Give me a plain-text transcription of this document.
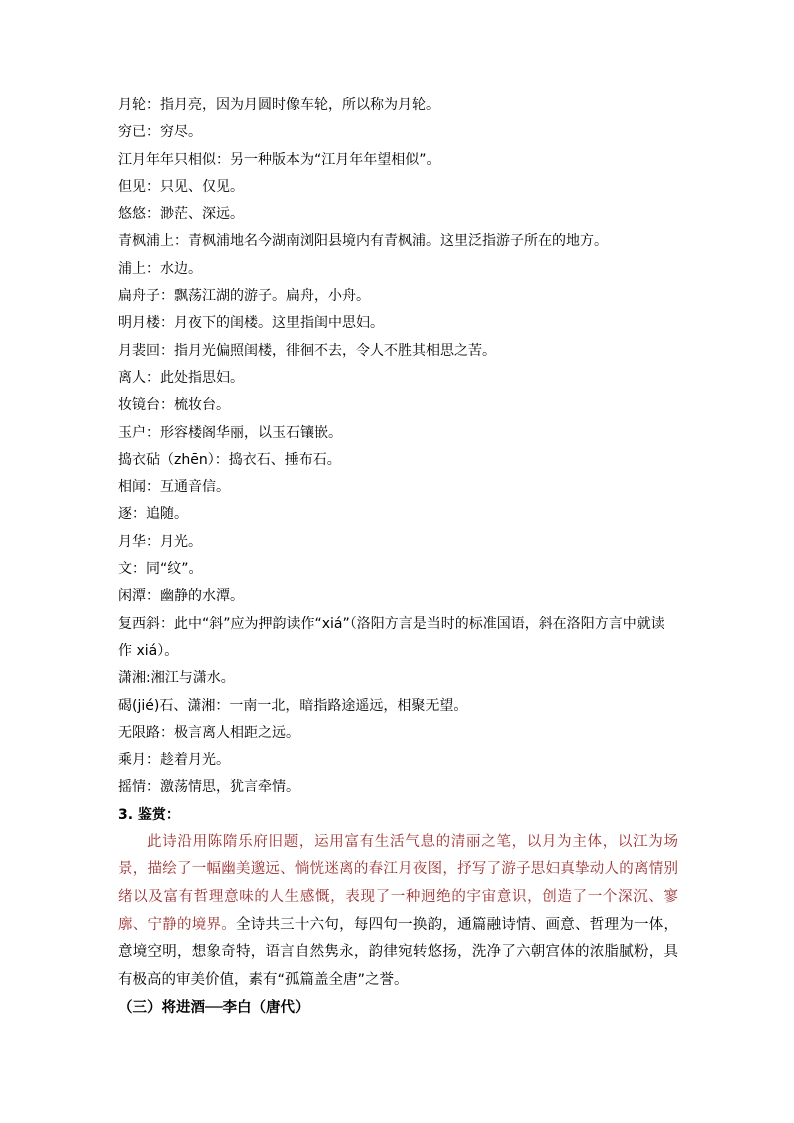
月轮：指月亮，因为月圆时像车轮，所以称为月轮。

穷已：穷尽。

江月年年只相似：另一种版本为“江月年年望相似”。

但见：只见、仅见。

悠悠：渺茫、深远。

青枫浦上：青枫浦地名今湖南浏阳县境内有青枫浦。这里泛指游子所在的地方。

浦上：水边。

扁舟子：飘荡江湖的游子。扁舟，小舟。

明月楼：月夜下的闺楼。这里指闺中思妇。

月裴回：指月光偏照闺楼，徘徊不去，令人不胜其相思之苦。

离人：此处指思妇。

妆镜台：梳妆台。

玉户：形容楼阁华丽，以玉石镶嵌。

捣衣砧（zhēn）：捣衣石、捶布石。

相闻：互通音信。

逐：追随。

月华：月光。

文：同“纹”。

闲潭：幽静的水潭。

复西斜：此中“斜”应为押韵读作“xiá”（洛阳方言是当时的标准国语，斜在洛阳方言中就读作 xiá）。

潇湘:湘江与潇水。

碣(jié)石、潇湘：一南一北，暗指路途遥远，相聚无望。

无限路：极言离人相距之远。

乘月：趁着月光。

摇情：激荡情思，犹言牵情。

3. 鉴赏：

此诗沿用陈隋乐府旧题，运用富有生活气息的清丽之笔，以月为主体，以江为场景，描绘了一幅幽美邈远、惝恍迷离的春江月夜图，抒写了游子思妇真挚动人的离情别绪以及富有哲理意味的人生感慨，表现了一种迥绝的宇宙意识，创造了一个深沉、寥廓、宁静的境界。全诗共三十六句，每四句一换韵，通篇融诗情、画意、哲理为一体，意境空明，想象奇特，语言自然隽永，韵律宛转悠扬，洗净了六朝宫体的浓脂腻粉，具有极高的审美价值，素有“孤篇盖全唐”之誉。

（三）将进酒──李白（唐代）
